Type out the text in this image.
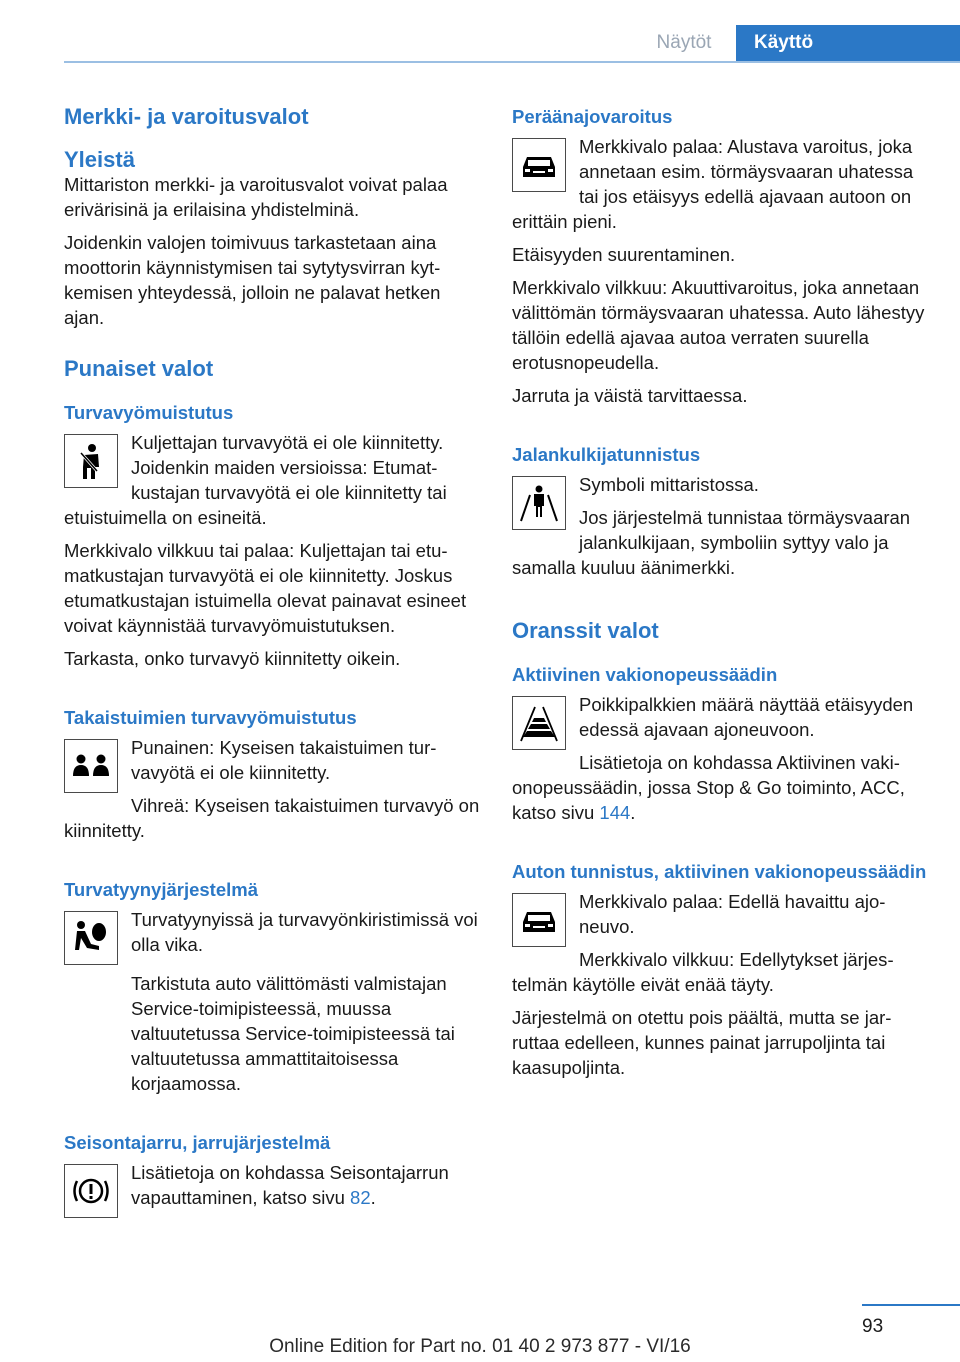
Näytöt	Käyttö
Merkki- ja varoitusvalot
Yleistä

Mittariston merkki- ja varoitusvalot voivat palaa erivärisinä ja erilaisina yhdistelminä.

Joidenkin valojen toimivuus tarkastetaan aina moottorin käynnistymisen tai sytytysvirran kytkemisen yhteydessä, jolloin ne palavat hetken ajan.

Punaiset valot
Turvavyömuistutus

Kuljettajan turvavyötä ei ole kiinnitetty. Joidenkin maiden versioissa: Etumatkustajan turvavyötä ei ole kiinnitetty tai etuistuimella on esineitä.

Merkkivalo vilkkuu tai palaa: Kuljettajan tai etumatkustajan turvavyötä ei ole kiinnitetty. Joskus etumatkustajan istuimella olevat painavat esineet voivat käynnistää turvavyömuistutuksen.

Tarkasta, onko turvavyö kiinnitetty oikein.

Takaistuimien turvavyömuistutus

Punainen: Kyseisen takaistuimen turvavyötä ei ole kiinnitetty.

Vihreä: Kyseisen takaistuimen turvavyö on kiinnitetty.

Turvatyynyjärjestelmä

Turvatyynyissä ja turvavyönkiristimissä voi olla vika.

Tarkistuta auto välittömästi valmistajan Service-toimipisteessä, muussa valtuutetussa Service-toimipisteessä tai valtuutetussa ammattitaitoisessa korjaamossa.

Seisontajarru, jarrujärjestelmä

Lisätietoja on kohdassa Seisontajarrun vapauttaminen, katso sivu 82.

Peräänajovaroitus

Merkkivalo palaa: Alustava varoitus, joka annetaan esim. törmäysvaaran uhatessa tai jos etäisyys edellä ajavaan autoon on erittäin pieni.

Etäisyyden suurentaminen.

Merkkivalo vilkkuu: Akuuttivaroitus, joka annetaan välittömän törmäysvaaran uhatessa. Auto lähestyy tällöin edellä ajavaa autoa verraten suurella erotusnopeudella.

Jarruta ja väistä tarvittaessa.

Jalankulkijatunnistus

Symboli mittaristossa.

Jos järjestelmä tunnistaa törmäysvaaran jalankulkijaan, symboliin syttyy valo ja samalla kuuluu äänimerkki.

Oranssit valot
Aktiivinen vakionopeussäädin

Poikkipalkkien määrä näyttää etäisyyden edessä ajavaan ajoneuvoon.

Lisätietoja on kohdassa Aktiivinen vakionopeussäädin, jossa Stop & Go toiminto, ACC, katso sivu 144.

Auton tunnistus, aktiivinen vakionopeussäädin

Merkkivalo palaa: Edellä havaittu ajoneuvo.

Merkkivalo vilkkuu: Edellytykset järjestelmän käytölle eivät enää täyty.

Järjestelmä on otettu pois päältä, mutta se jarruttaa edelleen, kunnes painat jarrupoljinta tai kaasupoljinta.

93
Online Edition for Part no. 01 40 2 973 877 - VI/16
